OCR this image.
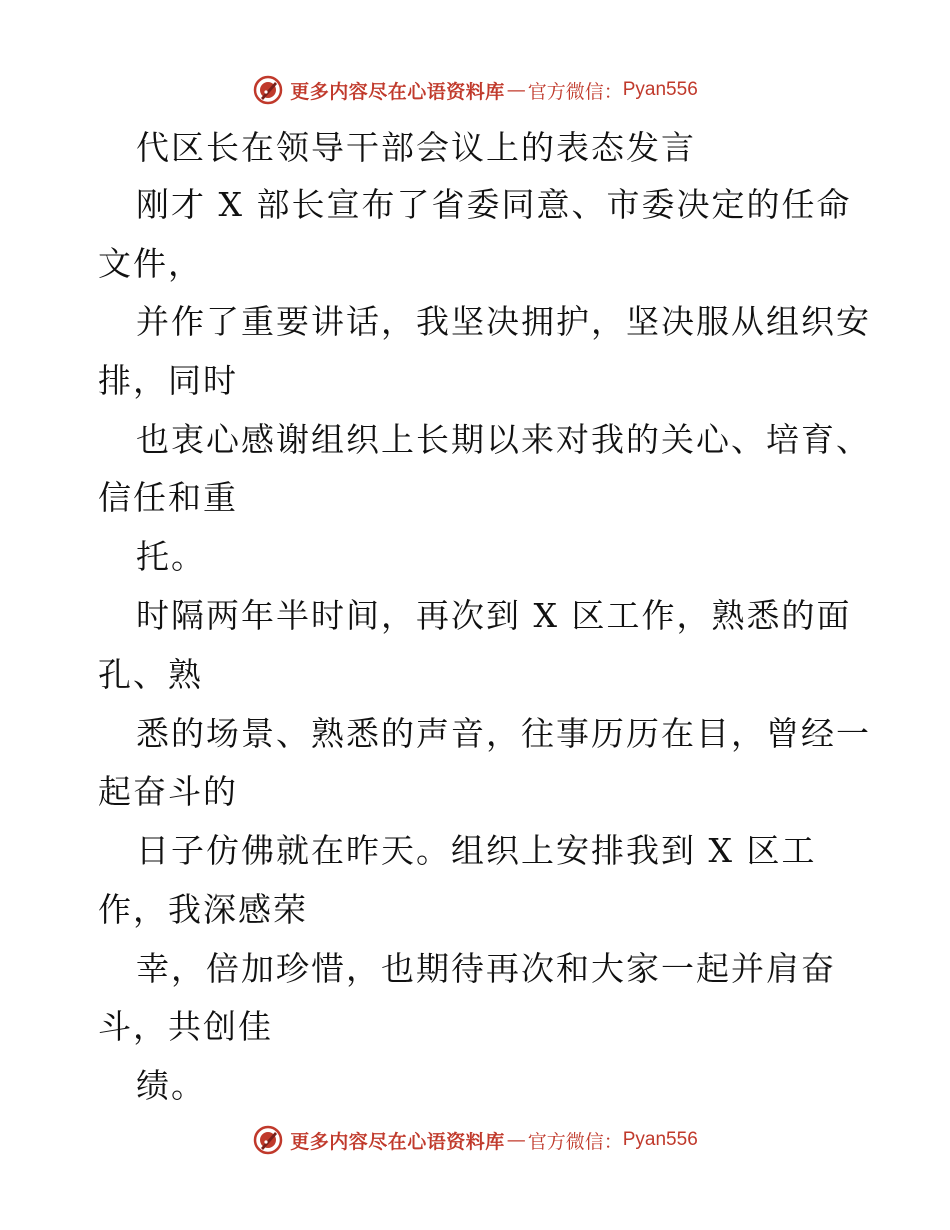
更多内容尽在心语资料库 — 官方微信： Pyan556
代区长在领导干部会议上的表态发言
刚才 X 部长宣布了省委同意、市委决定的任命
文件，
并作了重要讲话，我坚决拥护，坚决服从组织安
排，同时
也衷心感谢组织上长期以来对我的关心、培育、
信任和重
托。
时隔两年半时间，再次到 X 区工作，熟悉的面
孔、熟
悉的场景、熟悉的声音，往事历历在目，曾经一
起奋斗的
日子仿佛就在昨天。组织上安排我到 X 区工
作，我深感荣
幸，倍加珍惜，也期待再次和大家一起并肩奋
斗，共创佳
绩。
更多内容尽在心语资料库 — 官方微信： Pyan556
